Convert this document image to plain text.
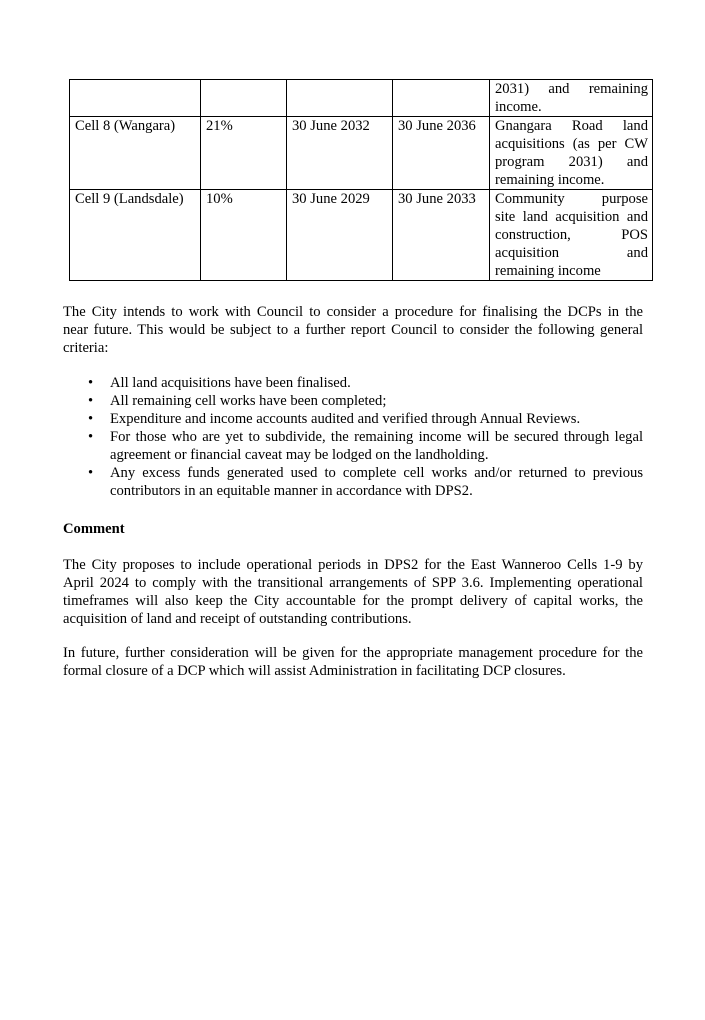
				2031) and remaining
income.

Cell 8 (Wangara)	21%	30 June 2032	30 June 2036	Gnangara Road land
acquisitions (as per CW
program 2031) and
remaining income.

Cell 9 (Landsdale)	10%	30 June 2029	30 June 2033	Community purpose
site land acquisition and
construction, POS
acquisition and
remaining income

The City intends to work with Council to consider a procedure for finalising the DCPs in the
near future. This would be subject to a further report Council to consider the following general
criteria:

• All land acquisitions have been finalised.
• All remaining cell works have been completed;
• Expenditure and income accounts audited and verified through Annual Reviews.
• For those who are yet to subdivide, the remaining income will be secured through legal
agreement or financial caveat may be lodged on the landholding.
• Any excess funds generated used to complete cell works and/or returned to previous
contributors in an equitable manner in accordance with DPS2.
Comment

The City proposes to include operational periods in DPS2 for the East Wanneroo Cells 1-9 by
April 2024 to comply with the transitional arrangements of SPP 3.6. Implementing operational
timeframes will also keep the City accountable for the prompt delivery of capital works, the
acquisition of land and receipt of outstanding contributions.

In future, further consideration will be given for the appropriate management procedure for the
formal closure of a DCP which will assist Administration in facilitating DCP closures.
